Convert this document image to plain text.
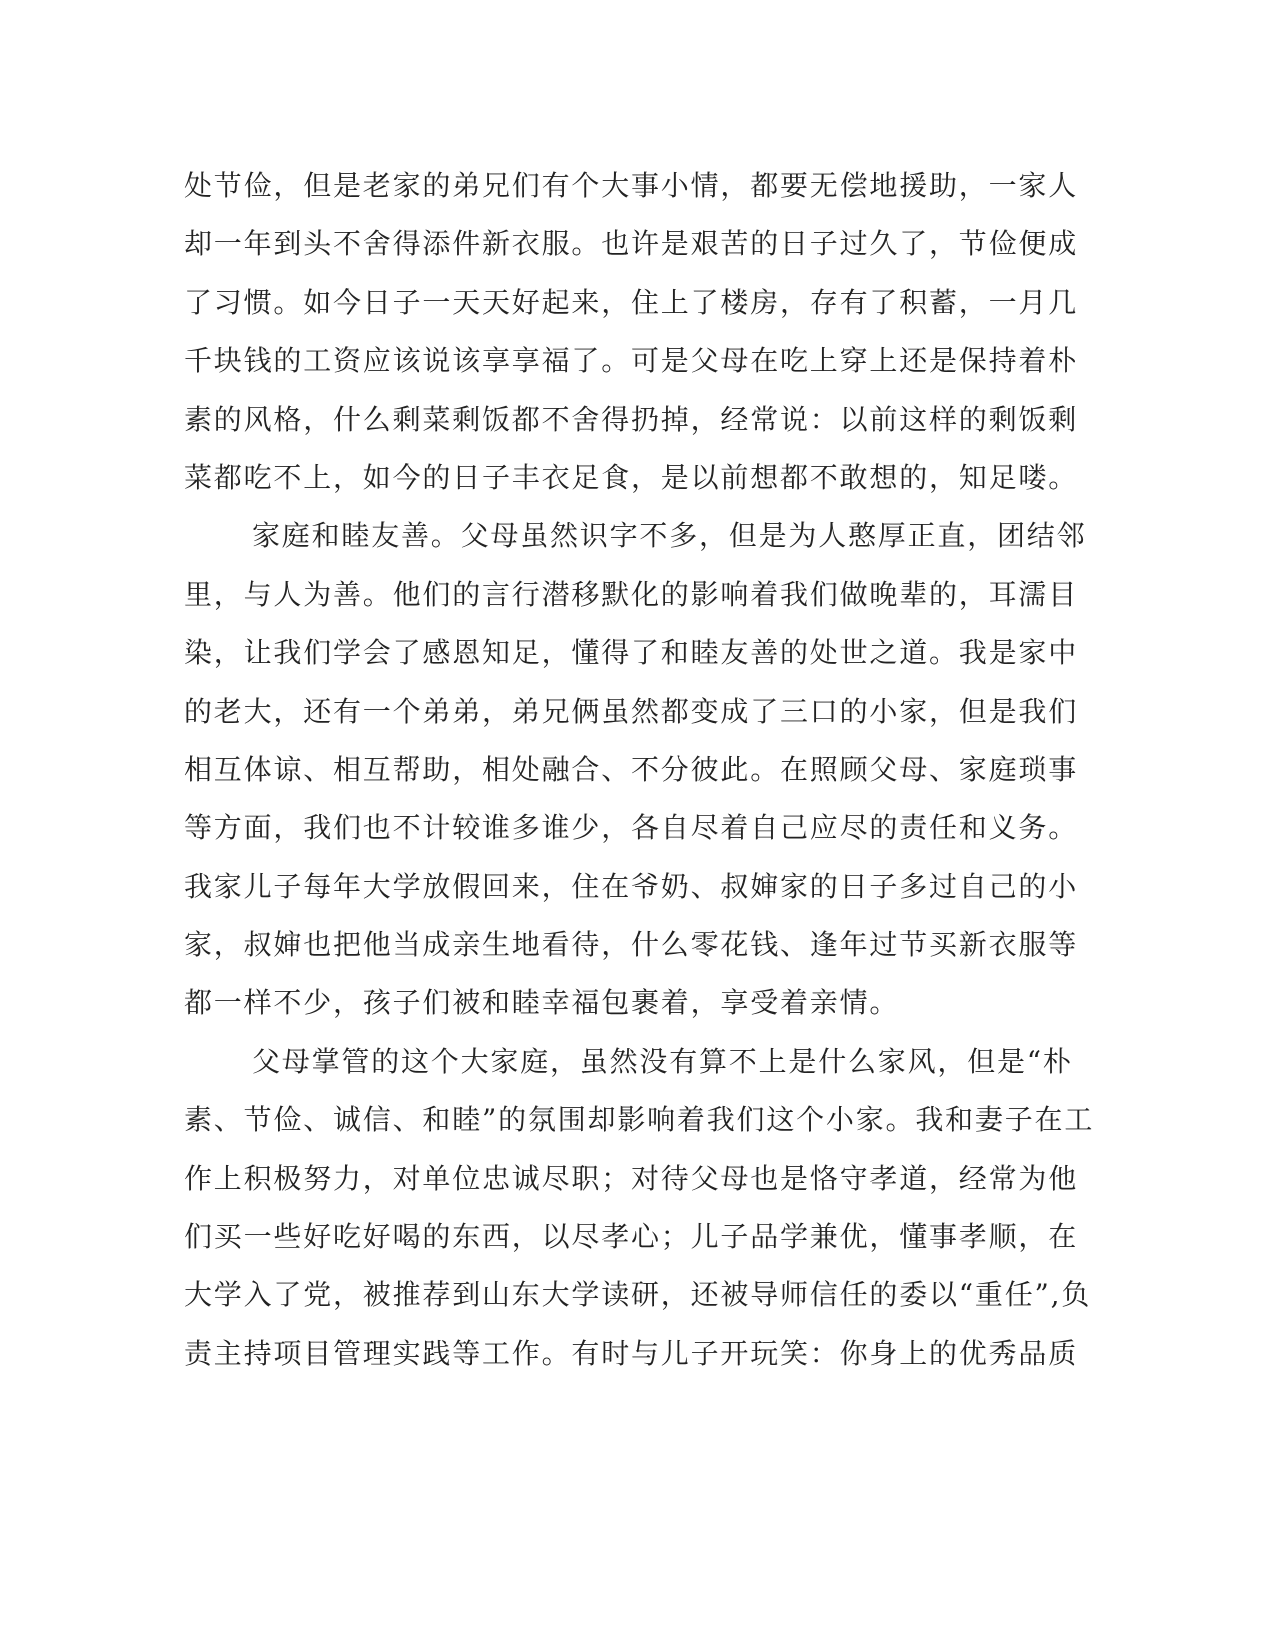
处节俭，但是老家的弟兄们有个大事小情，都要无偿地援助，一家人

却一年到头不舍得添件新衣服。也许是艰苦的日子过久了，节俭便成

了习惯。如今日子一天天好起来，住上了楼房，存有了积蓄，一月几

千块钱的工资应该说该享享福了。可是父母在吃上穿上还是保持着朴

素的风格，什么剩菜剩饭都不舍得扔掉，经常说：以前这样的剩饭剩

菜都吃不上，如今的日子丰衣足食，是以前想都不敢想的，知足喽。

家庭和睦友善。父母虽然识字不多，但是为人憨厚正直，团结邻

里，与人为善。他们的言行潜移默化的影响着我们做晚辈的，耳濡目

染，让我们学会了感恩知足，懂得了和睦友善的处世之道。我是家中

的老大，还有一个弟弟，弟兄俩虽然都变成了三口的小家，但是我们

相互体谅、相互帮助，相处融合、不分彼此。在照顾父母、家庭琐事

等方面，我们也不计较谁多谁少，各自尽着自己应尽的责任和义务。

我家儿子每年大学放假回来，住在爷奶、叔婶家的日子多过自己的小

家，叔婶也把他当成亲生地看待，什么零花钱、逢年过节买新衣服等

都一样不少，孩子们被和睦幸福包裹着，享受着亲情。

父母掌管的这个大家庭，虽然没有算不上是什么家风，但是“朴

素、节俭、诚信、和睦”的氛围却影响着我们这个小家。我和妻子在工

作上积极努力，对单位忠诚尽职；对待父母也是恪守孝道，经常为他

们买一些好吃好喝的东西，以尽孝心；儿子品学兼优，懂事孝顺，在

大学入了党，被推荐到山东大学读研，还被导师信任的委以“重任”,负

责主持项目管理实践等工作。有时与儿子开玩笑：你身上的优秀品质
